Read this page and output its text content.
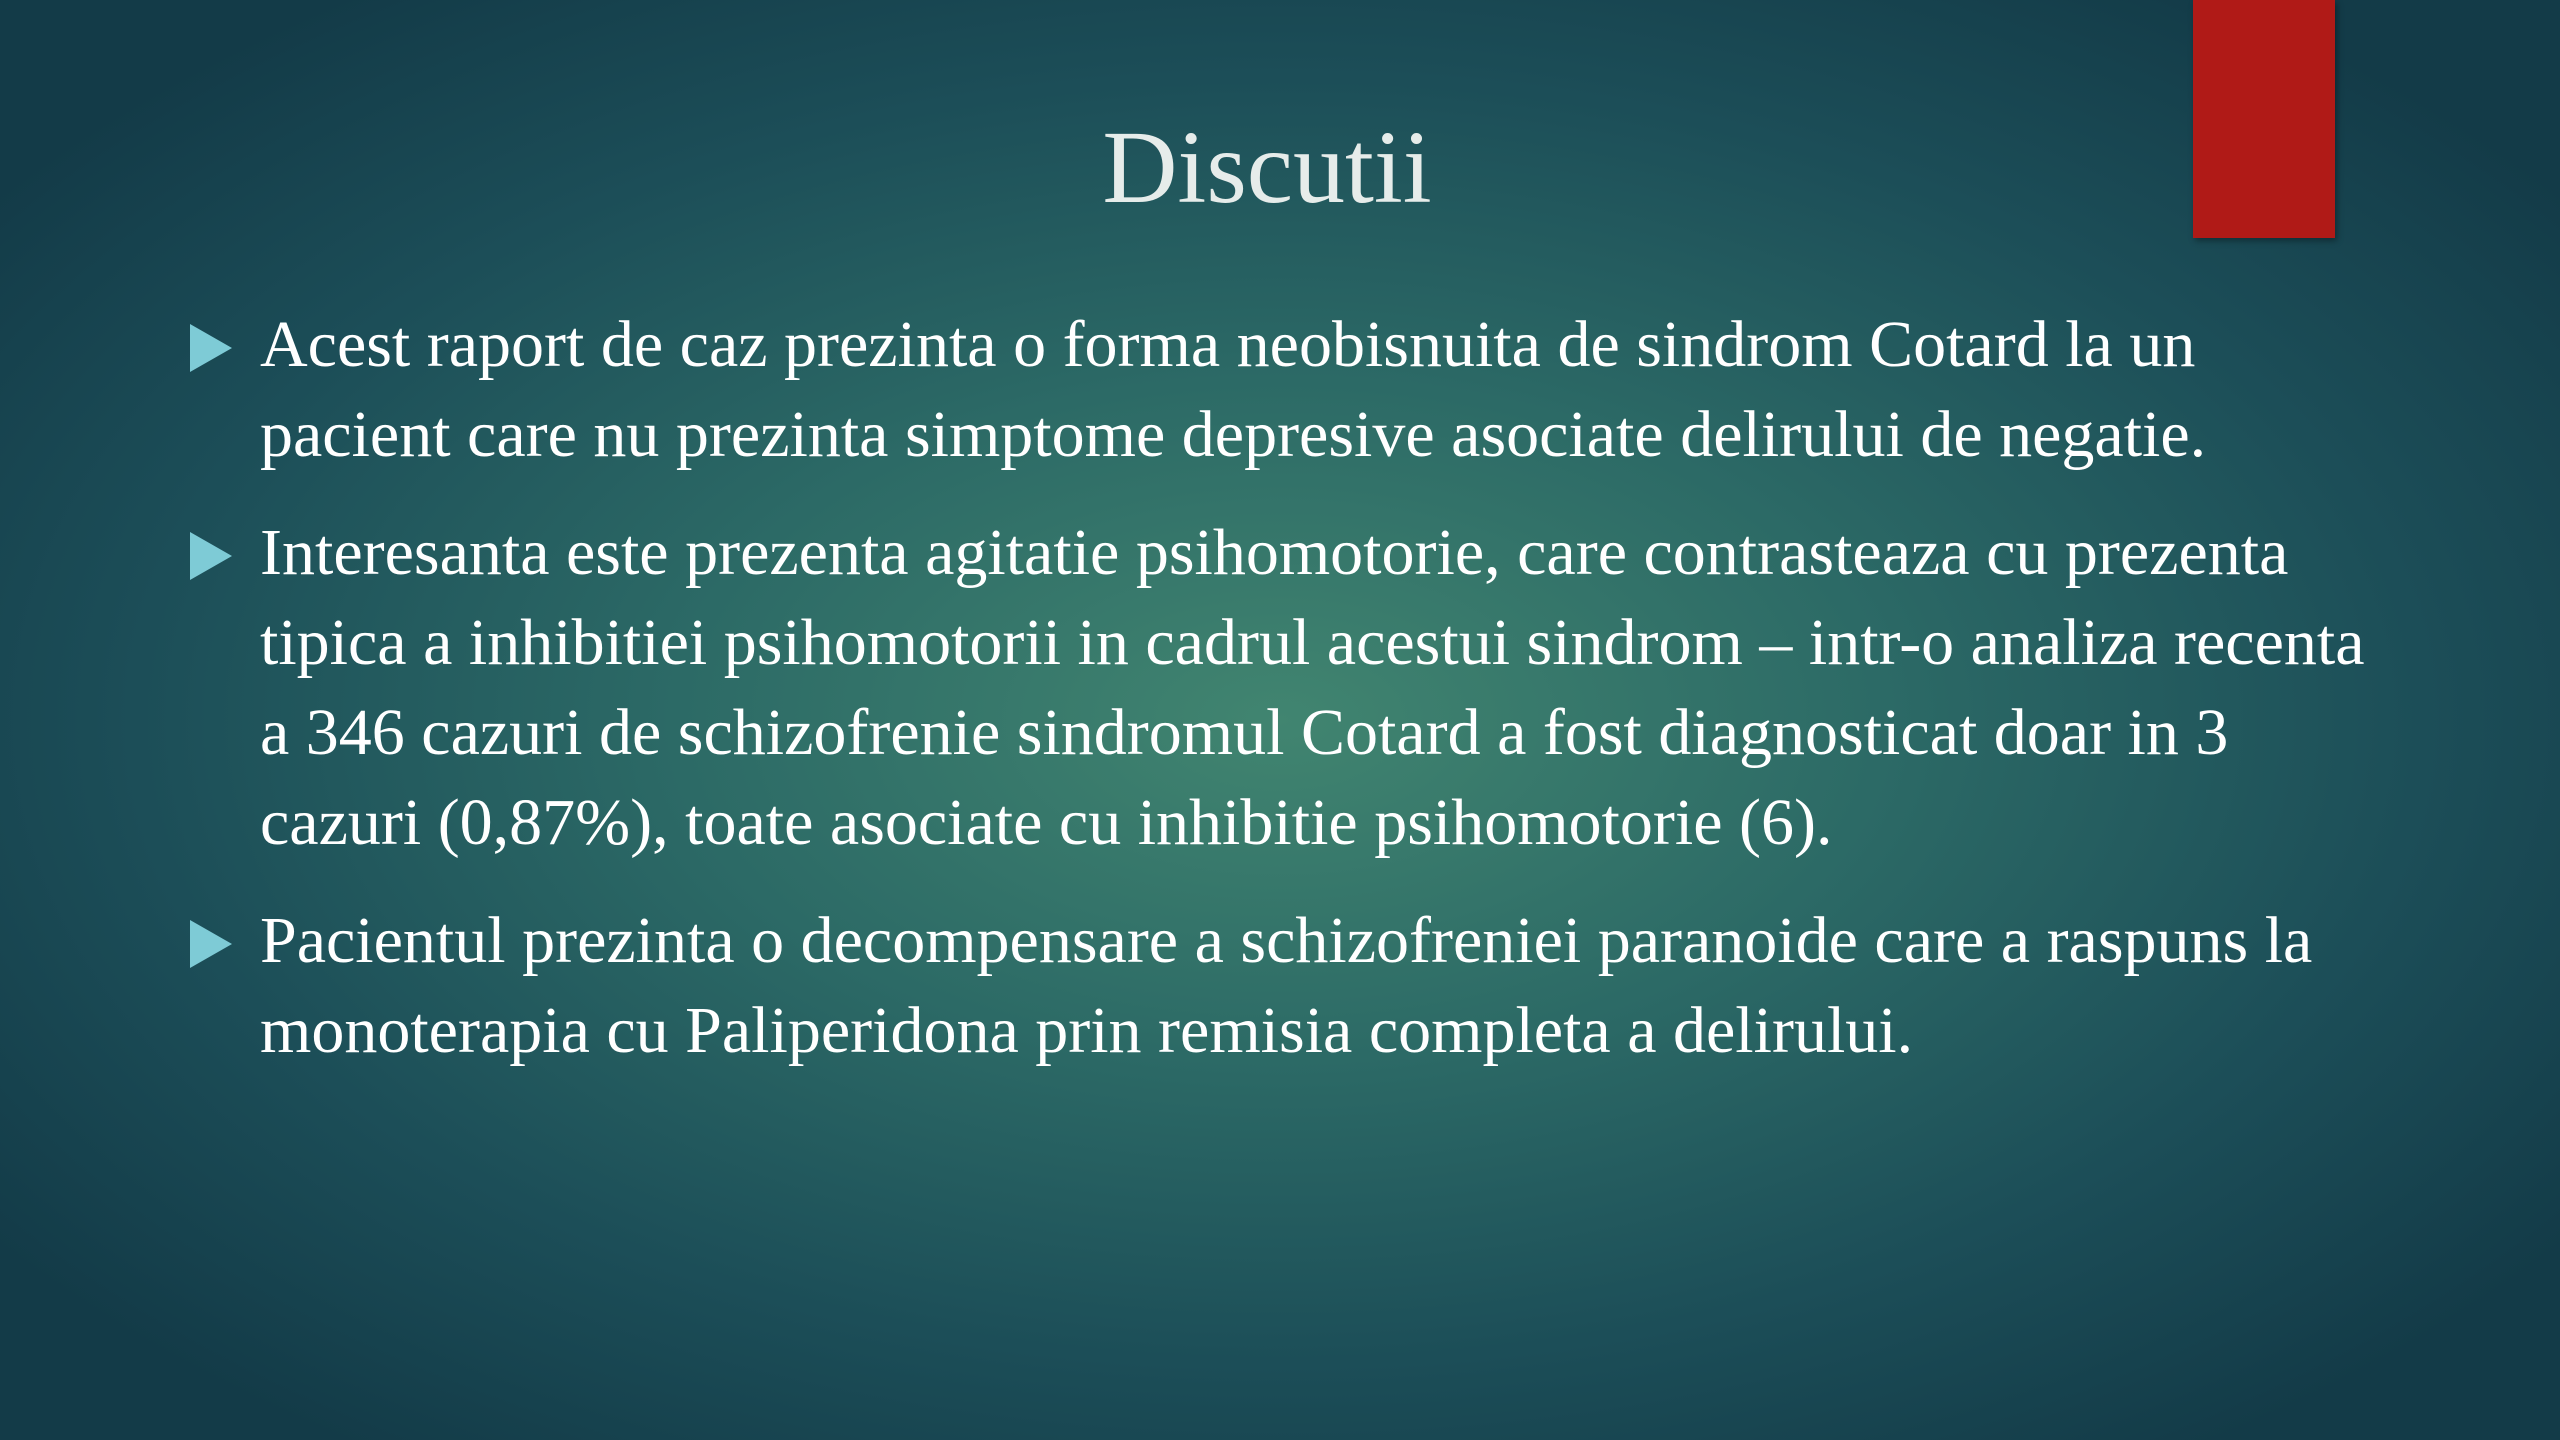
Discutii
Acest raport de caz prezinta o forma neobisnuita de sindrom Cotard la un pacient care nu prezinta simptome depresive asociate delirului de negatie.
Interesanta este prezenta agitatie psihomotorie, care contrasteaza cu prezenta tipica a inhibitiei psihomotorii in cadrul acestui sindrom – intr-o analiza recenta a 346 cazuri de schizofrenie sindromul Cotard a fost diagnosticat doar in 3 cazuri (0,87%), toate asociate cu inhibitie psihomotorie (6).
Pacientul prezinta o decompensare a schizofreniei paranoide care a raspuns la monoterapia cu Paliperidona prin remisia completa a delirului.
